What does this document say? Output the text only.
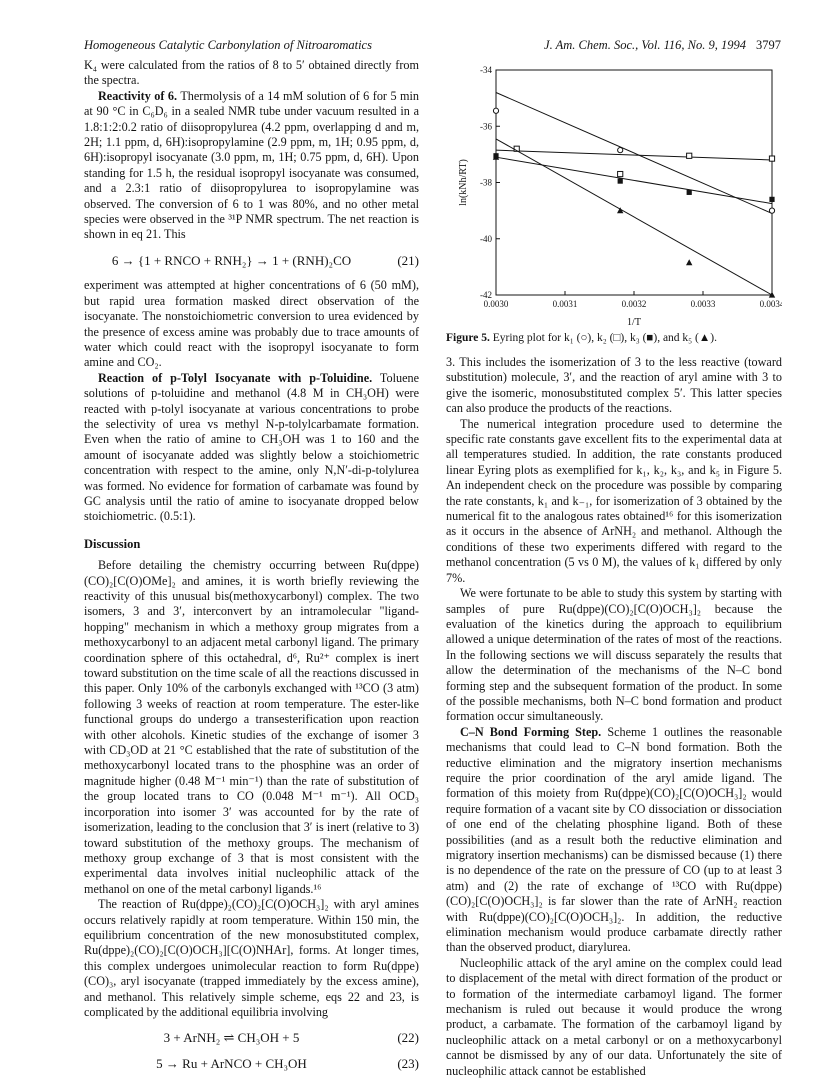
Homogeneous Catalytic Carbonylation of Nitroaromatics	J. Am. Chem. Soc., Vol. 116, No. 9, 1994 3797

K₄ were calculated from the ratios of 8 to 5′ obtained directly from the spectra.

Reactivity of 6. Thermolysis of a 14 mM solution of 6 for 5 min at 90 °C in C₆D₆ in a sealed NMR tube under vacuum resulted in a 1.8:1:2:0.2 ratio of diisopropylurea (4.2 ppm, overlapping d and m, 2H; 1.1 ppm, d, 6H):isopropylamine (2.9 ppm, m, 1H; 0.95 ppm, d, 6H):isopropyl isocyanate (3.0 ppm, m, 1H; 0.75 ppm, d, 6H). Upon standing for 1.5 h, the residual isopropyl isocyanate was consumed, and a 2.3:1 ratio of diisopropylurea to isopropylamine was observed. The conversion of 6 to 1 was 80%, and no other metal species were observed in the ³¹P NMR spectrum. The net reaction is shown in eq 21. This

6 → {1 + RNCO + RNH₂} → 1 + (RNH)₂CO	(21)

experiment was attempted at higher concentrations of 6 (50 mM), but rapid urea formation masked direct observation of the isocyanate. The nonstoichiometric conversion to urea evidenced by the presence of excess amine was probably due to trace amounts of water which could react with the isopropyl isocyanate to form amine and CO₂.

Reaction of p-Tolyl Isocyanate with p-Toluidine. Toluene solutions of p-toluidine and methanol (4.8 M in CH₃OH) were reacted with p-tolyl isocyanate at various concentrations to probe the selectivity of urea vs methyl N-p-tolylcarbamate formation. Even when the ratio of amine to CH₃OH was 1 to 160 and the amount of isocyanate added was slightly below a stoichiometric concentration with respect to the amine, only N,N′-di-p-tolylurea was formed. No evidence for formation of carbamate was found by GC analysis until the ratio of amine to isocyanate dropped below stoichiometric. (0.5:1).

Discussion

Before detailing the chemistry occurring between Ru(dppe)(CO)₂[C(O)OMe]₂ and amines, it is worth briefly reviewing the reactivity of this unusual bis(methoxycarbonyl) complex. The two isomers, 3 and 3′, interconvert by an intramolecular "ligand-hopping" mechanism in which a methoxy group migrates from a methoxycarbonyl to an adjacent metal carbonyl ligand. The primary coordination sphere of this octahedral, d⁶, Ru²⁺ complex is inert toward substitution on the time scale of all the reactions discussed in this paper. Only 10% of the carbonyls exchanged with ¹³CO (3 atm) following 3 weeks of reaction at room temperature. The ester-like functional groups do undergo a transesterification upon reaction with other alcohols. Kinetic studies of the exchange of isomer 3 with CD₃OD at 21 °C established that the rate of substitution of the methoxycarbonyl located trans to the phosphine was an order of magnitude higher (0.48 M⁻¹ min⁻¹) than the rate of substitution of the group located trans to CO (0.048 M⁻¹ m⁻¹). All OCD₃ incorporation into isomer 3′ was accounted for by the rate of isomerization, leading to the conclusion that 3′ is inert (relative to 3) toward substitution of the methoxy groups. The mechanism of methoxy group exchange of 3 that is most consistent with the experimental data involves initial nucleophilic attack of the methanol on one of the metal carbonyl ligands.¹⁶

The reaction of Ru(dppe)₂(CO)₂[C(O)OCH₃]₂ with aryl amines occurs relatively rapidly at room temperature. Within 150 min, the equilibrium concentration of the new monosubstituted complex, Ru(dppe)₂(CO)₂[C(O)OCH₃][C(O)NHAr], forms. At longer times, this complex undergoes unimolecular reaction to form Ru(dppe)(CO)₃, aryl isocyanate (trapped immediately by the excess amine), and methanol. This relatively simple scheme, eqs 22 and 23, is complicated by the additional equilibria involving

3 + ArNH₂ ⇌ CH₃OH + 5	(22)
5 → Ru + ArNCO + CH₃OH	(23)
0.0030	0.0031	0.0032	0.0033	0.0034
-34
-36
-38
-40
-42
1/T
ln(kNh/RT)
Figure 5. Eyring plot for k₁ (○), k₂ (□), k₃ (■), and k₅ (▲).

3. This includes the isomerization of 3 to the less reactive (toward substitution) molecule, 3′, and the reaction of aryl amine with 3 to give the isomeric, monosubstituted complex 5′. This latter species can also produce the products of the reactions.

The numerical integration procedure used to determine the specific rate constants gave excellent fits to the experimental data at all temperatures studied. In addition, the rate constants produced linear Eyring plots as exemplified for k₁, k₂, k₃, and k₅ in Figure 5. An independent check on the procedure was possible by comparing the rate constants, k₁ and k₋₁, for isomerization of 3 obtained by the numerical fit to the analogous rates obtained¹⁶ for this isomerization as it occurs in the absence of ArNH₂ and methanol. Although the conditions of these two experiments differed with regard to the methanol concentration (5 vs 0 M), the values of k₁ differed by only 7%.

We were fortunate to be able to study this system by starting with samples of pure Ru(dppe)(CO)₂[C(O)OCH₃]₂ because the evaluation of the kinetics during the approach to equilibrium allowed a unique determination of the rates of most of the reactions. In the following sections we will discuss separately the results that allow the determination of the mechanisms of the N–C bond forming step and the subsequent formation of the product. In some of the possible mechanisms, both N–C bond formation and product formation occur simultaneously.

C–N Bond Forming Step. Scheme 1 outlines the reasonable mechanisms that could lead to C–N bond formation. Both the reductive elimination and the migratory insertion mechanisms require the prior coordination of the aryl amide ligand. The formation of this moiety from Ru(dppe)(CO)₂[C(O)OCH₃]₂ would require formation of a vacant site by CO dissociation or dissociation of one end of the chelating phosphine ligand. Both of these possibilities (and as a result both the reductive elimination and migratory insertion mechanisms) can be dismissed because (1) there is no dependence of the rate on the pressure of CO (up to at least 3 atm) and (2) the rate of exchange of ¹³CO with Ru(dppe)(CO)₂[C(O)OCH₃]₂ is far slower than the rate of ArNH₂ reaction with Ru(dppe)(CO)₂[C(O)OCH₃]₂. In addition, the reductive elimination mechanism would produce carbamate directly rather than the observed product, diarylurea.

Nucleophilic attack of the aryl amine on the complex could lead to displacement of the metal with direct formation of the product or to formation of the intermediate carbamoyl ligand. The former mechanism is ruled out because it would produce the wrong product, a carbamate. The formation of the carbamoyl ligand by nucleophilic attack on a metal carbonyl or on a methoxycarbonyl cannot be dismissed by any of our data. Unfortunately the site of nucleophilic attack cannot be established
